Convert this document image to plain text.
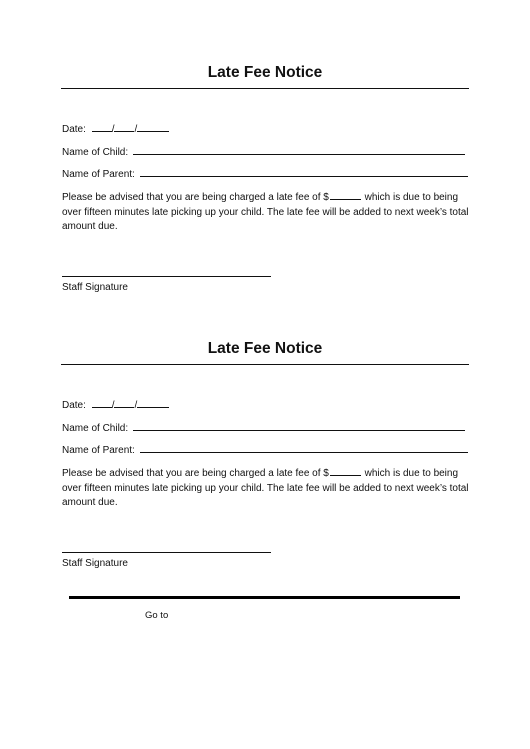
Late Fee Notice
Date:	/ /
Name of Child:
Name of Parent:
Please be advised that you are being charged a late fee of $	which is due to being over fifteen minutes late picking up your child. The late fee will be added to next week’s total amount due.
Staff Signature
Late Fee Notice
Date:	/ /
Name of Child:
Name of Parent:
Please be advised that you are being charged a late fee of $	which is due to being over fifteen minutes late picking up your child. The late fee will be added to next week’s total amount due.
Staff Signature
Go to
